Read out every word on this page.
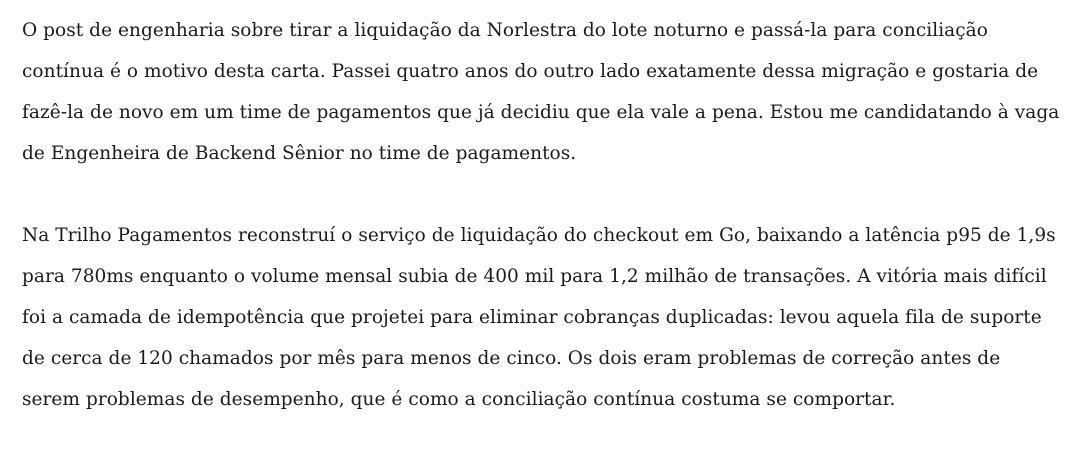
O post de engenharia sobre tirar a liquidação da Norlestra do lote noturno e passá-la para conciliação contínua é o motivo desta carta. Passei quatro anos do outro lado exatamente dessa migração e gostaria de fazê-la de novo em um time de pagamentos que já decidiu que ela vale a pena. Estou me candidatando à vaga de Engenheira de Backend Sênior no time de pagamentos.

Na Trilho Pagamentos reconstruí o serviço de liquidação do checkout em Go, baixando a latência p95 de 1,9s para 780ms enquanto o volume mensal subia de 400 mil para 1,2 milhão de transações. A vitória mais difícil foi a camada de idempotência que projetei para eliminar cobranças duplicadas: levou aquela fila de suporte de cerca de 120 chamados por mês para menos de cinco. Os dois eram problemas de correção antes de serem problemas de desempenho, que é como a conciliação contínua costuma se comportar.
